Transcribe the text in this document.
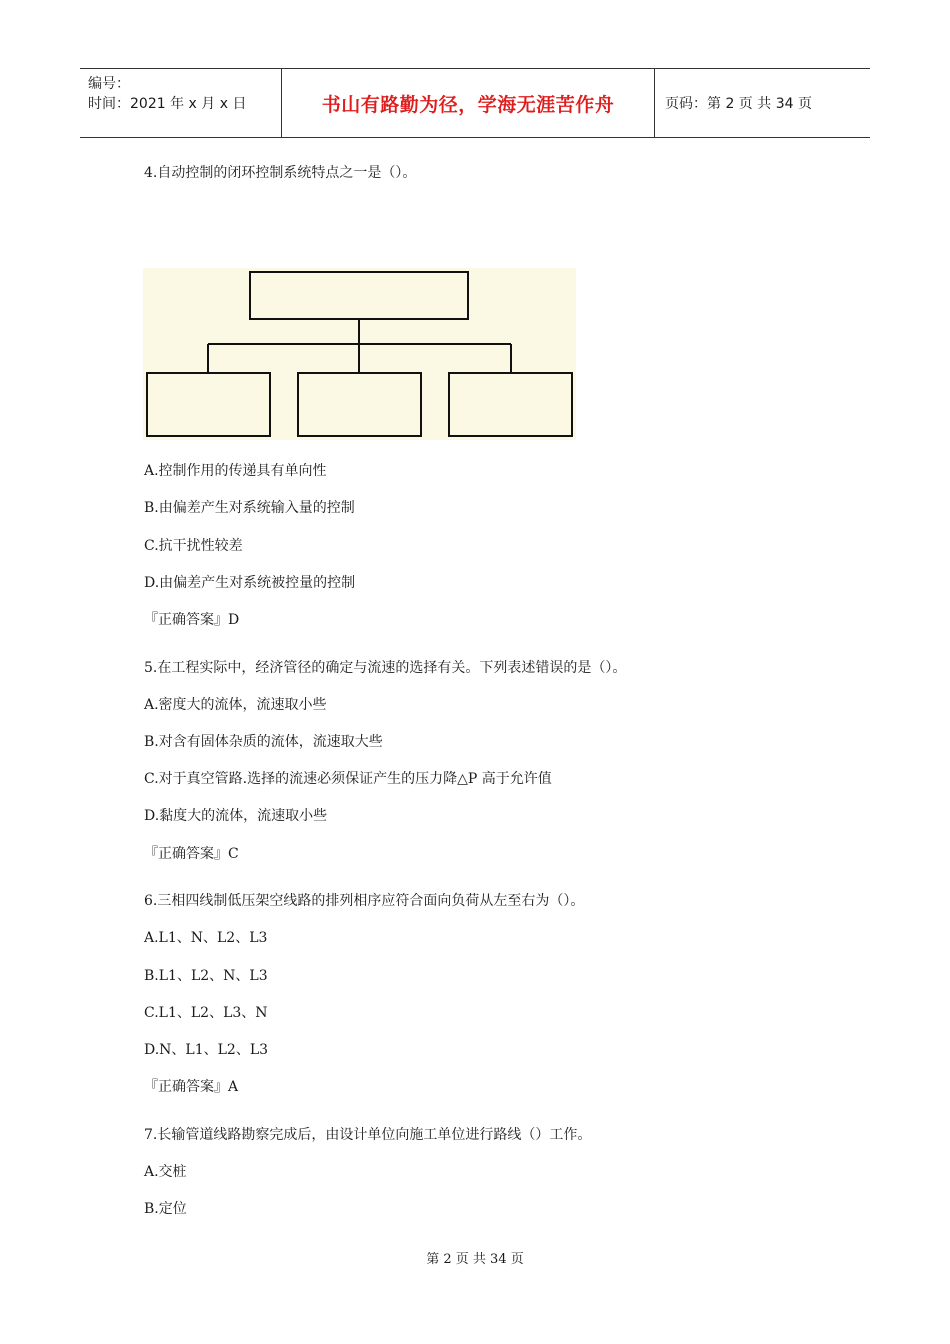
编号：
时间：2021 年 x 月 x 日	书山有路勤为径，学海无涯苦作舟	页码：第 2 页 共 34 页
4.自动控制的闭环控制系统特点之一是（）。
A.控制作用的传递具有单向性
B.由偏差产生对系统输入量的控制
C.抗干扰性较差
D.由偏差产生对系统被控量的控制
『正确答案』D
5.在工程实际中，经济管径的确定与流速的选择有关。下列表述错误的是（）。
A.密度大的流体，流速取小些
B.对含有固体杂质的流体，流速取大些
C.对于真空管路.选择的流速必须保证产生的压力降△P 高于允许值
D.黏度大的流体，流速取小些
『正确答案』C
6.三相四线制低压架空线路的排列相序应符合面向负荷从左至右为（）。
A.L1、N、L2、L3
B.L1、L2、N、L3
C.L1、L2、L3、N
D.N、L1、L2、L3
『正确答案』A
7.长输管道线路勘察完成后，由设计单位向施工单位进行路线（）工作。
A.交桩
B.定位
第 2 页 共 34 页
